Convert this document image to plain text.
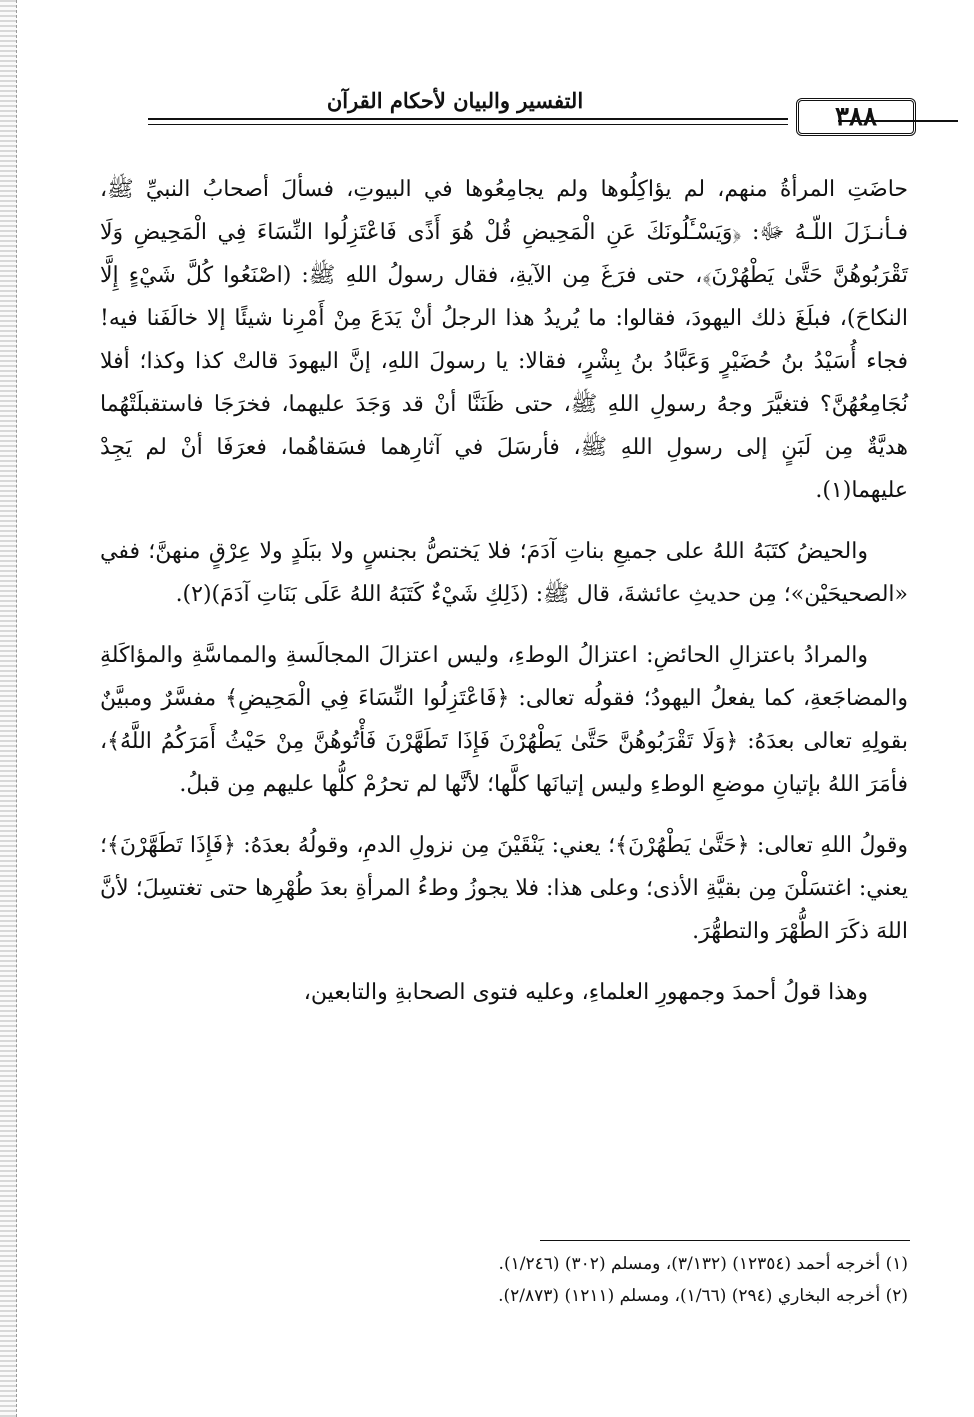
التفسير والبيان لأحكام القرآن
٣٨٨

حاضَتِ المرأةُ منهم، لم يؤاكِلُوها ولم يجامِعُوها في البيوتِ، فسألَ أصحابُ النبيِّ ﷺ، فـأنـزَلَ اللّـهُ ﷻ: ﴿وَيَسْـَٔلُونَكَ عَنِ الْمَحِيضِ قُلْ هُوَ أَذًى فَاعْتَزِلُوا النِّسَاءَ فِي الْمَحِيضِ وَلَا تَقْرَبُوهُنَّ حَتَّىٰ يَطْهُرْنَ﴾، حتى فرَغَ مِن الآيةِ، فقال رسولُ اللهِ ﷺ: (اصْنَعُوا كُلَّ شَيْءٍ إِلَّا النكاحَ)، فبلَغَ ذلك اليهودَ، فقالوا: ما يُريدُ هذا الرجلُ أنْ يَدَعَ مِنْ أَمْرِنا شيئًا إلا خالَفَنا فيه! فجاء أُسَيْدُ بنُ حُضَيْرٍ وَعَبَّادُ بنُ بِشْرٍ، فقالا: يا رسولَ اللهِ، إنَّ اليهودَ قالتْ كذا وكذا؛ أفلا نُجَامِعُهُنَّ؟ فتغيَّرَ وجهُ رسولِ اللهِ ﷺ، حتى ظَنَنَّا أنْ قد وَجَدَ عليهما، فخرَجَا فاستقبلَتْهُما هديَّةٌ مِن لَبَنٍ إلى رسولِ اللهِ ﷺ، فأرسَلَ في آثارِهما فسَقاهُما، فعرَفَا أنْ لم يَجِدْ عليهما(١).

والحيضُ كتَبَهُ اللهُ على جميعِ بناتِ آدَمَ؛ فلا يَختصُّ بجنسٍ ولا ببَلَدٍ ولا عِرْقٍ منهنَّ؛ ففي «الصحيحَيْن»؛ مِن حديثِ عائشةَ، قال ﷺ: (ذَلِكِ شَيْءٌ كَتَبَهُ اللهُ عَلَى بَنَاتِ آدَمَ)(٢).

والمرادُ باعتزالِ الحائضِ: اعتزالُ الوطءِ، وليس اعتزالَ المجالَسةِ والمماسَّةِ والمؤاكَلةِ والمضاجَعةِ، كما يفعلُ اليهودُ؛ فقولُه تعالى: ﴿فَاعْتَزِلُوا النِّسَاءَ فِي الْمَحِيضِ﴾ مفسَّرٌ ومبيَّنٌ بقولِهِ تعالى بعدَهُ: ﴿وَلَا تَقْرَبُوهُنَّ حَتَّىٰ يَطْهُرْنَ فَإِذَا تَطَهَّرْنَ فَأْتُوهُنَّ مِنْ حَيْثُ أَمَرَكُمُ اللَّهُ﴾، فأمَرَ اللهُ بإتيانِ موضعِ الوطءِ وليس إتيانَها كلَّها؛ لأنَّها لم تحرُمْ كلُّها عليهم مِن قبلُ.

وقولُ اللهِ تعالى: ﴿حَتَّىٰ يَطْهُرْنَ﴾؛ يعني: يَنْقَيْنَ مِن نزولِ الدمِ، وقولُهُ بعدَهُ: ﴿فَإِذَا تَطَهَّرْنَ﴾؛ يعني: اغتسَلْنَ مِن بقيَّةِ الأذى؛ وعلى هذا: فلا يجوزُ وطءُ المرأةِ بعدَ طُهْرِها حتى تغتسِلَ؛ لأنَّ اللهَ ذكَرَ الطُّهْرَ والتطهُّرَ.

وهذا قولُ أحمدَ وجمهورِ العلماءِ، وعليه فتوى الصحابةِ والتابعين،

(١) أخرجه أحمد (١٢٣٥٤) (٣/١٣٢)، ومسلم (٣٠٢) (١/٢٤٦).
(٢) أخرجه البخاري (٢٩٤) (١/٦٦)، ومسلم (١٢١١) (٢/٨٧٣).
